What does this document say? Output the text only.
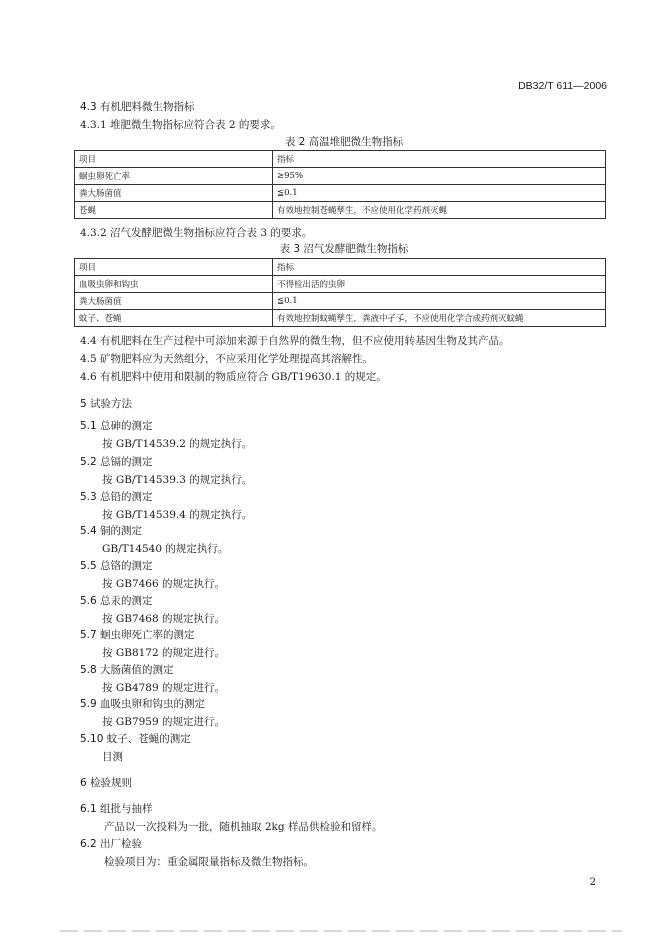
DB32/T 611—2006
4.3 有机肥料微生物指标
4.3.1 堆肥微生物指标应符合表 2 的要求。
表 2 高温堆肥微生物指标
项目	指标
蛔虫卵死亡率	≥95%
粪大肠菌值	≦0.1
苍蝇	有效地控制苍蝇孳生，不应使用化学药剂灭蝇
4.3.2 沼气发酵肥微生物指标应符合表 3 的要求。
表 3 沼气发酵肥微生物指标
项目	指标
血吸虫卵和钩虫	不得检出活的虫卵
粪大肠菌值	≦0.1
蚊子、苍蝇	有效地控制蚊蝇孳生，粪液中孑孓，不应使用化学合成药剂灭蚊蝇
4.4 有机肥料在生产过程中可添加来源于自然界的微生物，但不应使用转基因生物及其产品。
4.5 矿物肥料应为天然组分，不应采用化学处理提高其溶解性。
4.6 有机肥料中使用和限制的物质应符合 GB/T19630.1 的规定。
5 试验方法
5.1 总砷的测定
按 GB/T14539.2 的规定执行。
5.2 总镉的测定
按 GB/T14539.3 的规定执行。
5.3 总铅的测定
按 GB/T14539.4 的规定执行。
5.4 铜的测定
GB/T14540 的规定执行。
5.5 总铬的测定
按 GB7466 的规定执行。
5.6 总汞的测定
按 GB7468 的规定执行。
5.7 蛔虫卵死亡率的测定
按 GB8172 的规定进行。
5.8 大肠菌值的测定
按 GB4789 的规定进行。
5.9 血吸虫卵和钩虫的测定
按 GB7959 的规定进行。
5.10 蚊子、苍蝇的测定
目测
6 检验规则
6.1 组批与抽样
产品以一次投料为一批，随机抽取 2kg 样品供检验和留样。
6.2 出厂检验
检验项目为：重金属限量指标及微生物指标。
2
